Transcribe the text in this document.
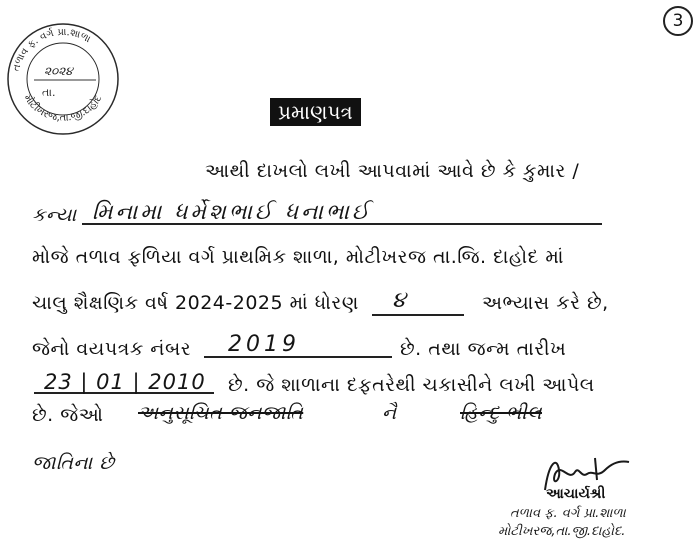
3
તળાવ ફ. વર્ગ પ્રા.શાળા
મોટીખરજ,તા.જી.દાહોદ
૨૦૨૪
તા.
પ્રમાણપત્ર
આથી દાખલો લખી આપવામાં આવે છે કે કુમાર /
કન્યા મિનામા ધર્મેશભાઈ ધનાભાઈ
મોજે તળાવ ફળિયા વર્ગ પ્રાથમિક શાળા, મોટીખરજ તા.જિ. દાહોદ માં
ચાલુ શૈક્ષણિક વર્ષ 2024-2025 માં ધોરણ ૪	અભ્યાસ કરે છે,
જેનો વયપત્રક નંબર 2019	છે. તથા જન્મ તારીખ
23 | 01 | 2010 છે. જે શાળાના દફતરેથી ચકાસીને લખી આપેલ
છે. જેઓ અનુસૂચિત જનજાતિ	નૈ	હિન્દુ ભીલ
જાતિના છે
આચાર્યશ્રી
તળાવ ફ. વર્ગ પ્રા.શાળા
મોટીખરજ,તા.જી.દાહોદ.
